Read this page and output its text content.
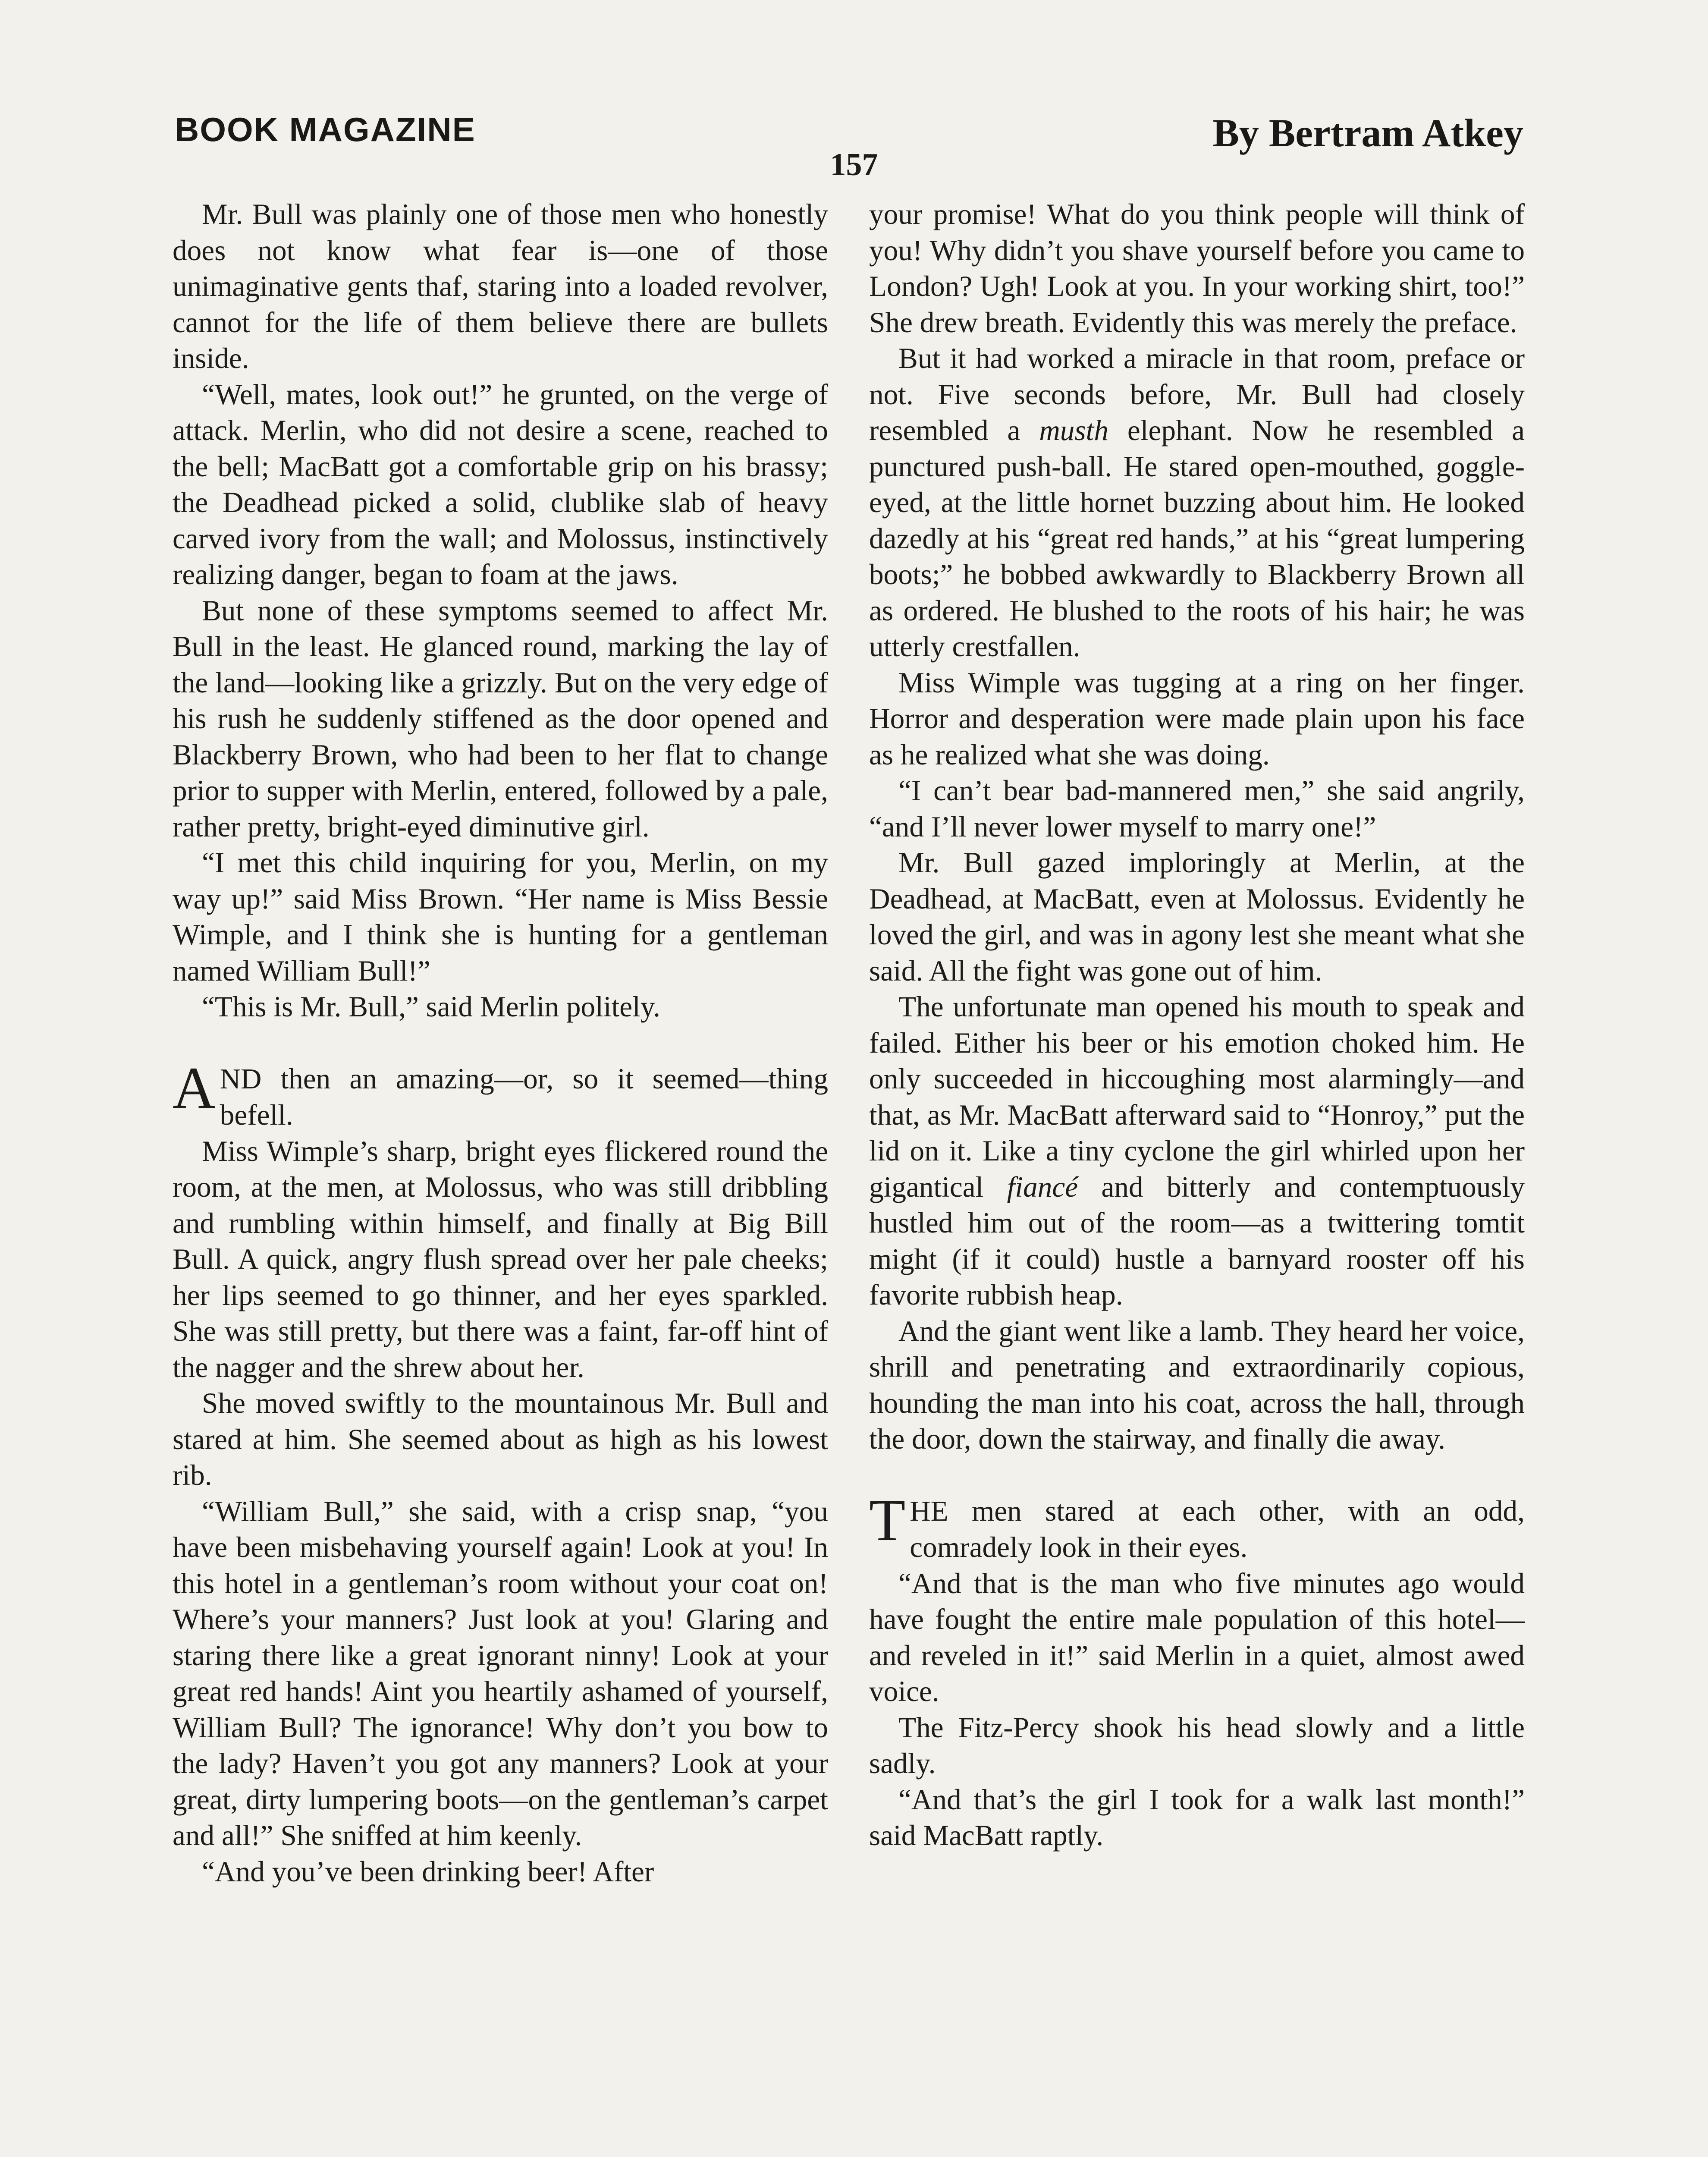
BOOK MAGAZINE	By Bertram Atkey
157

Mr. Bull was plainly one of those men who honestly does not know what fear is—one of those unimaginative gents thaf, staring into a loaded revolver, cannot for the life of them believe there are bullets inside.

“Well, mates, look out!” he grunted, on the verge of attack. Merlin, who did not desire a scene, reached to the bell; MacBatt got a comfortable grip on his brassy; the Deadhead picked a solid, clublike slab of heavy carved ivory from the wall; and Molossus, instinctively realizing danger, began to foam at the jaws.

But none of these symptoms seemed to affect Mr. Bull in the least. He glanced round, marking the lay of the land—looking like a grizzly. But on the very edge of his rush he suddenly stiffened as the door opened and Blackberry Brown, who had been to her flat to change prior to supper with Merlin, entered, followed by a pale, rather pretty, bright-eyed diminutive girl.

“I met this child inquiring for you, Merlin, on my way up!” said Miss Brown. “Her name is Miss Bessie Wimple, and I think she is hunting for a gentleman named William Bull!”

“This is Mr. Bull,” said Merlin politely.

AND then an amazing—or, so it seemed—thing befell.

Miss Wimple’s sharp, bright eyes flickered round the room, at the men, at Molossus, who was still dribbling and rumbling within himself, and finally at Big Bill Bull. A quick, angry flush spread over her pale cheeks; her lips seemed to go thinner, and her eyes sparkled. She was still pretty, but there was a faint, far-off hint of the nagger and the shrew about her.

She moved swiftly to the mountainous Mr. Bull and stared at him. She seemed about as high as his lowest rib.

“William Bull,” she said, with a crisp snap, “you have been misbehaving yourself again! Look at you! In this hotel in a gentleman’s room without your coat on! Where’s your manners? Just look at you! Glaring and staring there like a great ignorant ninny! Look at your great red hands! Aint you heartily ashamed of yourself, William Bull? The ignorance! Why don’t you bow to the lady? Haven’t you got any manners? Look at your great, dirty lumpering boots—on the gentleman’s carpet and all!” She sniffed at him keenly.

“And you’ve been drinking beer! After

your promise! What do you think people will think of you! Why didn’t you shave yourself before you came to London? Ugh! Look at you. In your working shirt, too!” She drew breath. Evidently this was merely the preface.

But it had worked a miracle in that room, preface or not. Five seconds before, Mr. Bull had closely resembled a musth elephant. Now he resembled a punctured push-ball. He stared open-mouthed, goggle-eyed, at the little hornet buzzing about him. He looked dazedly at his “great red hands,” at his “great lumpering boots;” he bobbed awkwardly to Blackberry Brown all as ordered. He blushed to the roots of his hair; he was utterly crestfallen.

Miss Wimple was tugging at a ring on her finger. Horror and desperation were made plain upon his face as he realized what she was doing.

“I can’t bear bad-mannered men,” she said angrily, “and I’ll never lower myself to marry one!”

Mr. Bull gazed imploringly at Merlin, at the Deadhead, at MacBatt, even at Molossus. Evidently he loved the girl, and was in agony lest she meant what she said. All the fight was gone out of him.

The unfortunate man opened his mouth to speak and failed. Either his beer or his emotion choked him. He only succeeded in hiccoughing most alarmingly—and that, as Mr. MacBatt afterward said to “Honroy,” put the lid on it. Like a tiny cyclone the girl whirled upon her gigantical fiancé and bitterly and contemptuously hustled him out of the room—as a twittering tomtit might (if it could) hustle a barnyard rooster off his favorite rubbish heap.

And the giant went like a lamb. They heard her voice, shrill and penetrating and extraordinarily copious, hounding the man into his coat, across the hall, through the door, down the stairway, and finally die away.

THE men stared at each other, with an odd, comradely look in their eyes.

“And that is the man who five minutes ago would have fought the entire male population of this hotel—and reveled in it!” said Merlin in a quiet, almost awed voice.

The Fitz-Percy shook his head slowly and a little sadly.

“And that’s the girl I took for a walk last month!” said MacBatt raptly.
